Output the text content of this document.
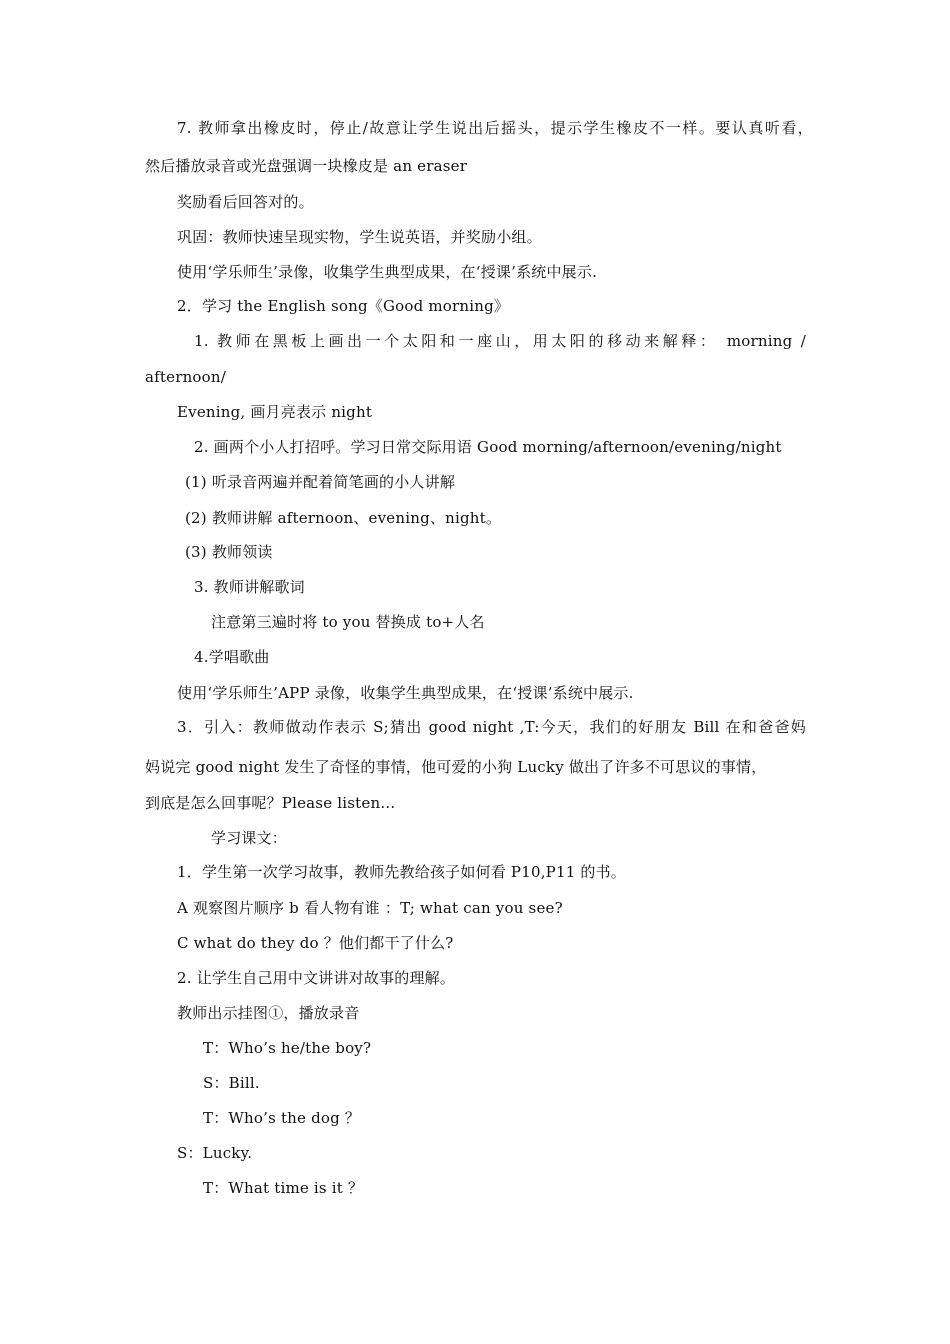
7. 教师拿出橡皮时，停止/故意让学生说出后摇头，提示学生橡皮不一样。要认真听看，
然后播放录音或光盘强调一块橡皮是 an eraser
奖励看后回答对的。
巩固：教师快速呈现实物，学生说英语，并奖励小组。
使用‘学乐师生’录像，收集学生典型成果，在‘授课’系统中展示.
2．学习 the English song《Good morning》
1. 教师在黑板上画出一个太阳和一座山，用太阳的移动来解释： morning /
afternoon/
Evening, 画月亮表示 night
2. 画两个小人打招呼。学习日常交际用语 Good morning/afternoon/evening/night
(1) 听录音两遍并配着简笔画的小人讲解
(2) 教师讲解 afternoon、evening、night。
(3) 教师领读
3. 教师讲解歌词
注意第三遍时将 to you 替换成 to+人名
4.学唱歌曲
使用‘学乐师生’APP 录像，收集学生典型成果，在‘授课’系统中展示.
3．引入：教师做动作表示 S;猜出 good night ,T:今天，我们的好朋友 Bill 在和爸爸妈
妈说完 good night 发生了奇怪的事情，他可爱的小狗 Lucky 做出了许多不可思议的事情，
到底是怎么回事呢？Please listen…
学习课文：
1．学生第一次学习故事，教师先教给孩子如何看 P10,P11 的书。
A 观察图片顺序 b 看人物有谁 ：T; what can you see?
C what do they do ？他们都干了什么?
2. 让学生自己用中文讲讲对故事的理解。
教师出示挂图①，播放录音
T：Who’s he/the boy?
S：Bill.
T：Who’s the dog ？
S：Lucky.
T：What time is it ？
